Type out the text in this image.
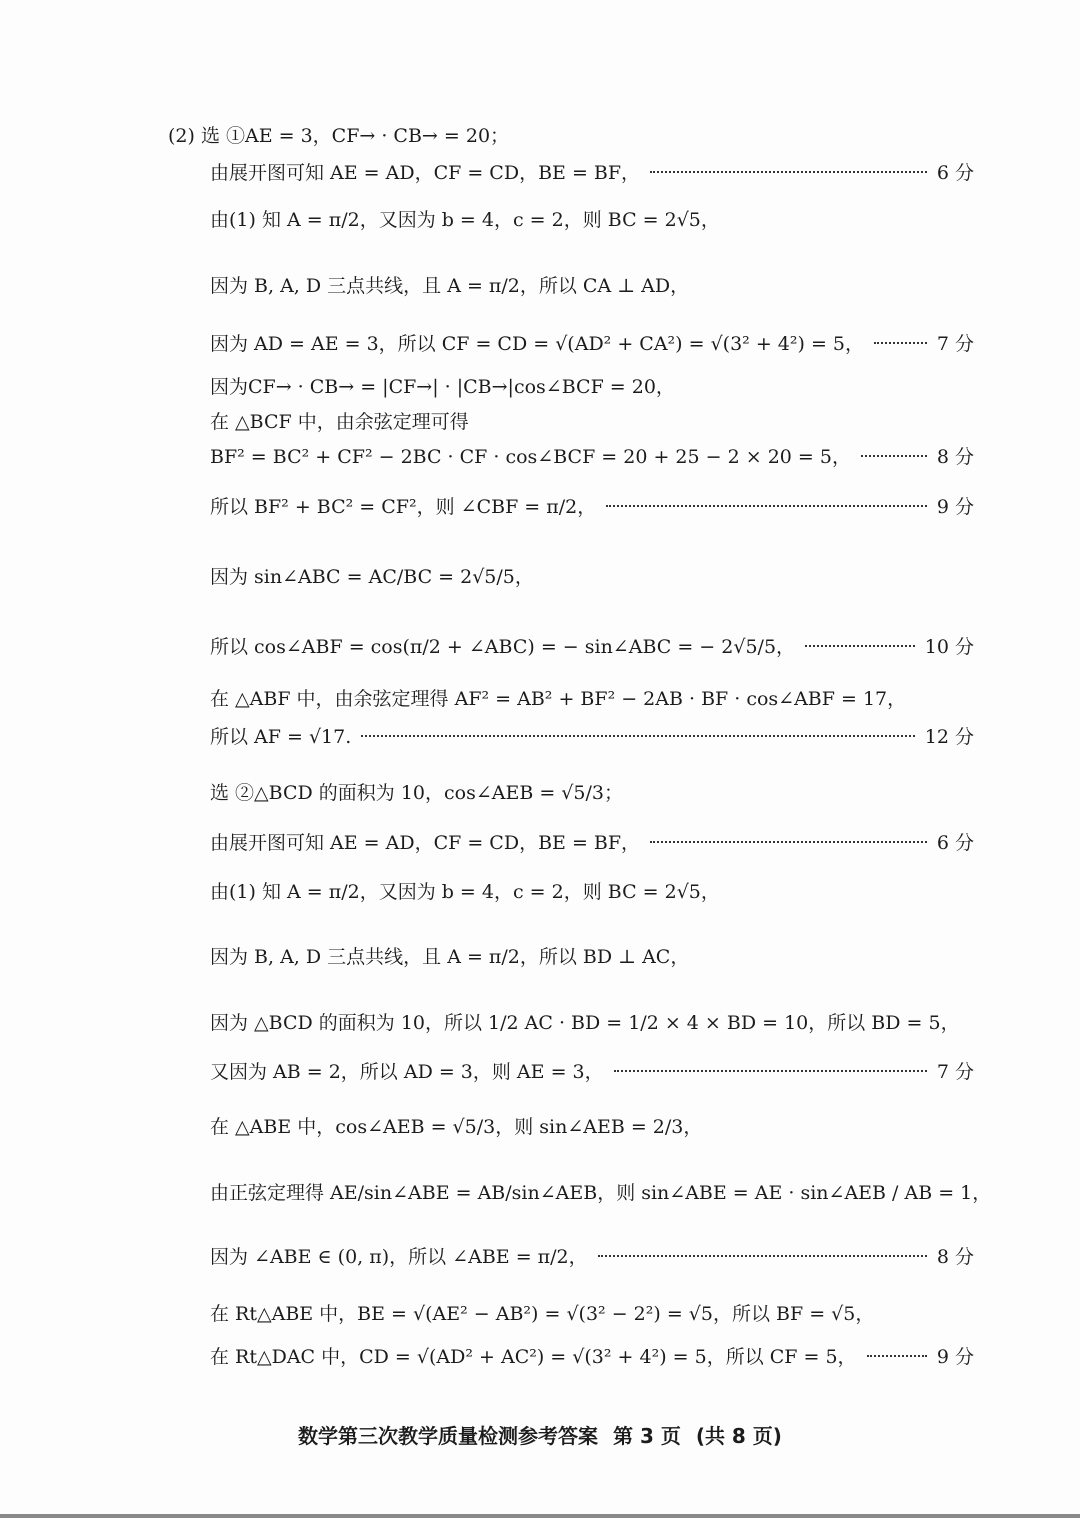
(2) 选 ①AE = 3，CF→ · CB→ = 20；
由展开图可知 AE = AD，CF = CD，BE = BF，	6 分
由(1) 知 A = π/2，又因为 b = 4，c = 2，则 BC = 2√5，
因为 B, A, D 三点共线，且 A = π/2，所以 CA ⊥ AD，
因为 AD = AE = 3，所以 CF = CD = √(AD² + CA²) = √(3² + 4²) = 5，	7 分
因为CF→ · CB→ = |CF→| · |CB→|cos∠BCF = 20，
在 △BCF 中，由余弦定理可得
BF² = BC² + CF² − 2BC · CF · cos∠BCF = 20 + 25 − 2 × 20 = 5，	8 分
所以 BF² + BC² = CF²，则 ∠CBF = π/2，	9 分
因为 sin∠ABC = AC/BC = 2√5/5，
所以 cos∠ABF = cos(π/2 + ∠ABC) = − sin∠ABC = − 2√5/5，	10 分
在 △ABF 中，由余弦定理得 AF² = AB² + BF² − 2AB · BF · cos∠ABF = 17，
所以 AF = √17.	12 分
选 ②△BCD 的面积为 10，cos∠AEB = √5/3；
由展开图可知 AE = AD，CF = CD，BE = BF，	6 分
由(1) 知 A = π/2，又因为 b = 4，c = 2，则 BC = 2√5，
因为 B, A, D 三点共线，且 A = π/2，所以 BD ⊥ AC，
因为 △BCD 的面积为 10，所以 1/2 AC · BD = 1/2 × 4 × BD = 10，所以 BD = 5，
又因为 AB = 2，所以 AD = 3，则 AE = 3，	7 分
在 △ABE 中，cos∠AEB = √5/3，则 sin∠AEB = 2/3，
由正弦定理得 AE/sin∠ABE = AB/sin∠AEB，则 sin∠ABE = AE · sin∠AEB / AB = 1，
因为 ∠ABE ∈ (0, π)，所以 ∠ABE = π/2，	8 分
在 Rt△ABE 中，BE = √(AE² − AB²) = √(3² − 2²) = √5，所以 BF = √5，
在 Rt△DAC 中，CD = √(AD² + AC²) = √(3² + 4²) = 5，所以 CF = 5，	9 分
数学第三次教学质量检测参考答案 第 3 页 (共 8 页)
